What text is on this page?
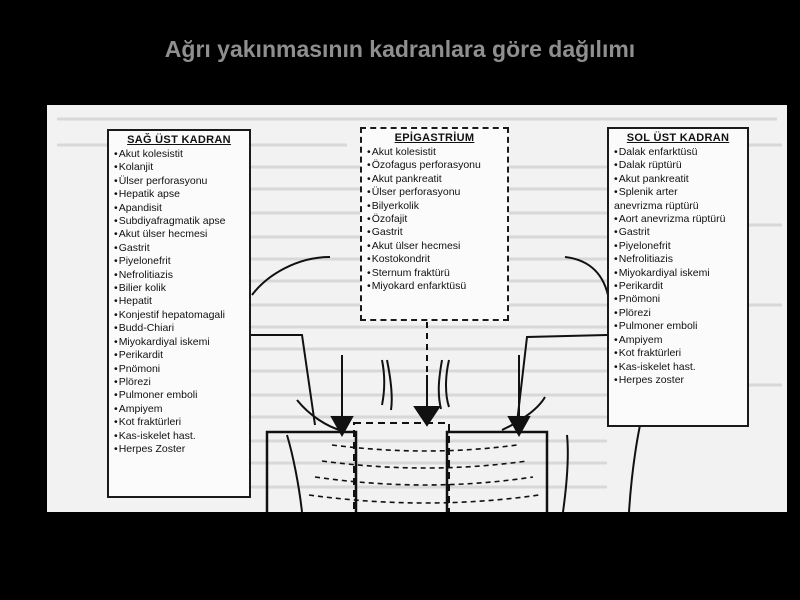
Ağrı yakınmasının kadranlara göre dağılımı
SAĞ ÜST KADRAN
• Akut kolesistit
• Kolanjit
• Ülser perforasyonu
• Hepatik apse
• Apandisit
• Subdiyafragmatik apse
• Akut ülser hecmesi
• Gastrit
• Piyelonefrit
• Nefrolitiazis
• Bilier kolik
• Hepatit
• Konjestif hepatomagali
• Budd-Chiari
• Miyokardiyal iskemi
• Perikardit
• Pnömoni
• Plörezi
• Pulmoner emboli
• Ampiyem
• Kot fraktürleri
• Kas-iskelet hast.
• Herpes Zoster
EPİGASTRİUM
• Akut kolesistit
• Özofagus perforasyonu
• Akut pankreatit
• Ülser perforasyonu
• Bilyerkolik
• Özofajit
• Gastrit
• Akut ülser hecmesi
• Kostokondrit
• Sternum fraktürü
• Miyokard enfarktüsü
SOL ÜST KADRAN
• Dalak enfarktüsü
• Dalak rüptürü
• Akut pankreatit
• Splenik arter
anevrizma rüptürü
• Aort anevrizma rüptürü
• Gastrit
• Piyelonefrit
• Nefrolitiazis
• Miyokardiyal iskemi
• Perikardit
• Pnömoni
• Plörezi
• Pulmoner emboli
• Ampiyem
• Kot fraktürleri
• Kas-iskelet hast.
• Herpes zoster
